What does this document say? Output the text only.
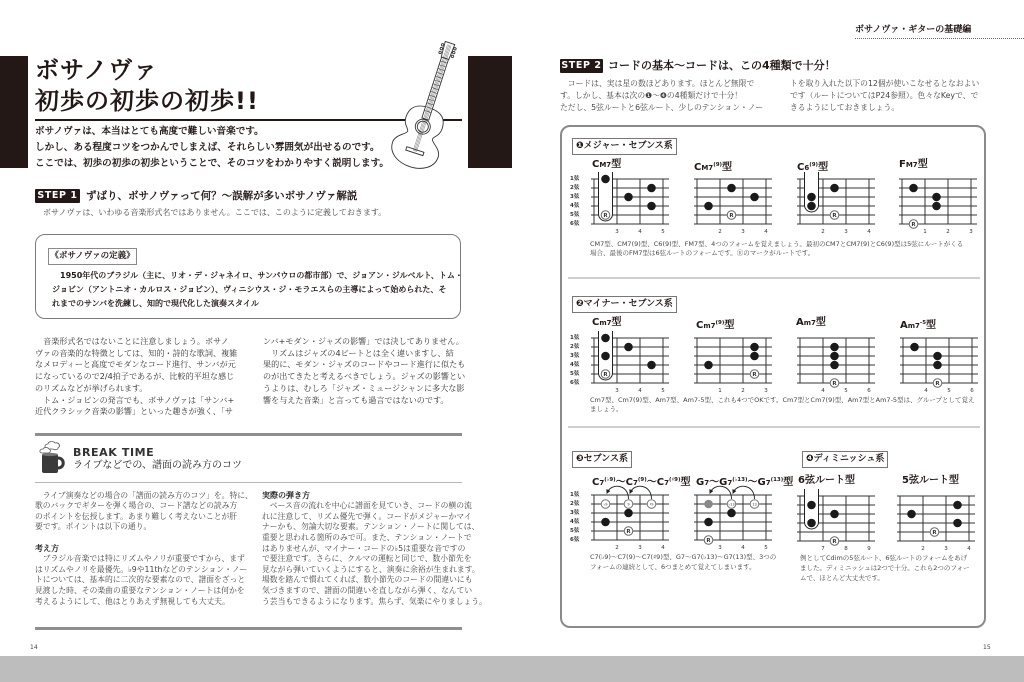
ボサノヴァ
初歩の初歩の初歩!!
ボサノヴァは、本当はとても高度で難しい音楽です。
しかし、ある程度コツをつかんでしまえば、それらしい雰囲気が出せるのです。
ここでは、初歩の初歩の初歩ということで、そのコツをわかりやすく説明します。
STEP 1 ずばり、ボサノヴァって何？～誤解が多いボサノヴァ解説
ボサノヴァは、いわゆる音楽形式名ではありません。ここでは、このように定義しておきます。
《ボサノヴァの定義》
　1950年代のブラジル（主に、リオ・デ・ジャネイロ、サンパウロの都市部）で、ジョアン・ジルベルト、トム・
ジョビン（アントニオ・カルロス・ジョビン）、ヴィニシウス・ジ・モラエスらの主導によって始められた、そ
れまでのサンバを洗練し、知的で現代化した演奏スタイル
　音楽形式名ではないことに注意しましょう。ボサノ
ヴァの音楽的な特徴としては、知的・詩的な歌詞、複雑
なメロディーと高度でモダンなコード進行、サンバが元
になっているので2/4拍子であるが、比較的平坦な感じ
のリズムなどが挙げられます。
　トム・ジョビンの発言でも、ボサノヴァは「サンバ+
近代クラシック音楽の影響」といった趣きが強く、「サ
ンバ+モダン・ジャズの影響」では決してありません。
　リズムはジャズの4ビートとは全く違いますし、結
果的に、モダン・ジャズのコードやコード進行に似たも
のが出てきたと考えるべきでしょう。ジャズの影響とい
うよりは、むしろ「ジャズ・ミュージシャンに多大な影
響を与えた音楽」と言っても過言ではないのです。
BREAK TIME
ライブなどでの、譜面の読み方のコツ
　ライブ演奏などの場合の「譜面の読み方のコツ」を。特に、
歌のバックでギターを弾く場合の、コード譜などの読み方
のポイントを伝授します。あまり難しく考えないことが肝
要です。ポイントは以下の通り。
考え方
　ブラジル音楽では特にリズムやノリが重要ですから、まず
はリズムやノリを最優先。♭9や11thなどのテンション・ノー
トについては、基本的に二次的な要素なので、譜面をざっと
見渡した時、その楽曲の重要なテンション・ノートは何かを
考えるようにして、他はとりあえず無視しても大丈夫。
実際の弾き方
　ベース音の流れを中心に譜面を見ていき、コードの横の流
れに注意して、リズム優先で弾く。コードがメジャーかマイ
ナーかも、勿論大切な要素。テンション・ノートに関しては、
重要と思われる箇所のみで可。また、テンション・ノートで
はありませんが、マイナー・コードの♭5は重要な音ですの
で要注意です。さらに、クルマの運転と同じで、数小節先を
見ながら弾いていくようにすると、演奏に余裕が生まれます。
場数を踏んで慣れてくれば、数小節先のコードの間違いにも
気づきますので、譜面の間違いを直しながら弾く、なんてい
う芸当もできるようになります。焦らず、気楽にやりましょう。
14
ボサノヴァ・ギターの基礎編
STEP 2 コードの基本～コードは、この4種類で十分！
　コードは、実は星の数ほどあります。ほとんど無限で
す。しかし、基本は次の❶～❹の4種類だけで十分！
ただし、5弦ルートと6弦ルート、少しのテンション・ノー
トを取り入れた以下の12個が使いこなせるとなおよい
です（ルートについてはP24参照）。色々なKeyで、で
きるようにしておきましょう。
1弦
2弦
3弦
4弦
5弦
6弦
3	4	5
R
2	3	4
R
2	3	4
R
1	2	3
R
❶メジャー・セブンス系
CM7型	CM7$^{(9)}$型	C6$^{(9)}$型	FM7型
CM7型、CM7(9)型、C6(9)型、FM7型、4つのフォームを覚えましょう。最初のCM7とCM7(9)とC6(9)型は5弦にルートがくる
場合、最後のFM7型は6弦ルートのフォームです。Ⓡのマークがルートです。
1弦
2弦
3弦
4弦
5弦
6弦
3	4	5
R
1	2	3
R
4	5	6
R
4	5	6
R
❷マイナー・セブンス系
Cm7型	Cm7$^{(9)}$型	Am7型	$Am7^{-5}$型
Cm7型、Cm7(9)型、Am7型、Am7-5型、これも4つでOKです。Cm7型とCm7(9)型、Am7型とAm7-5型は、グループとして覚え
ましょう。
1弦
2弦
3弦
4弦
5弦
6弦
2	3	4
♭9	9	♯9
R
3	4	5
♭13	13
R
❸セブンス系
$C7^{(♭9)}\sim C7^{(9)}\sim C7^{(♯9)}$型 $G7\sim G7^{(♭13)}\sim G7^{(13)}$型
C7(♭9)～C7(9)～C7(♯9)型、G7～G7(♭13)～G7(13)型、3つの
フォームの連続として、6つまとめて覚えてしまいます。
7	8	9
R
2	3	4
R
❹ディミニッシュ系
6弦ルート型	5弦ルート型
例としてCdimの5弦ルート、6弦ルートのフォームをあげ
ました。ディミニッシュは2つで十分。これら2つのフォー
ムで、ほとんど大丈夫です。
15
